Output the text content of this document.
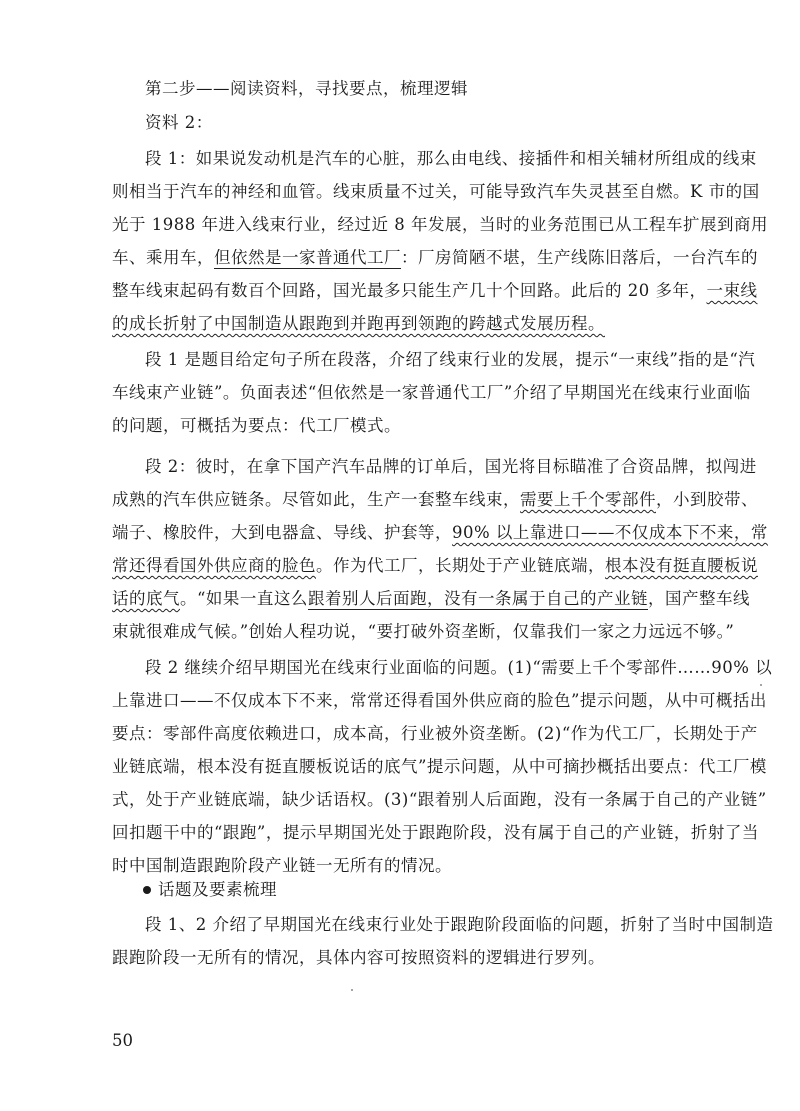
第二步——阅读资料，寻找要点，梳理逻辑
资料 2：
段 1：如果说发动机是汽车的心脏，那么由电线、接插件和相关辅材所组成的线束
则相当于汽车的神经和血管。线束质量不过关，可能导致汽车失灵甚至自燃。K 市的国
光于 1988 年进入线束行业，经过近 8 年发展，当时的业务范围已从工程车扩展到商用
车、乘用车，但依然是一家普通代工厂：厂房简陋不堪，生产线陈旧落后，一台汽车的
整车线束起码有数百个回路，国光最多只能生产几十个回路。此后的 20 多年，一束线
的成长折射了中国制造从跟跑到并跑再到领跑的跨越式发展历程。
段 1 是题目给定句子所在段落，介绍了线束行业的发展，提示“一束线”指的是“汽
车线束产业链”。负面表述“但依然是一家普通代工厂”介绍了早期国光在线束行业面临
的问题，可概括为要点：代工厂模式。
段 2：彼时，在拿下国产汽车品牌的订单后，国光将目标瞄准了合资品牌，拟闯进
成熟的汽车供应链条。尽管如此，生产一套整车线束，需要上千个零部件，小到胶带、
端子、橡胶件，大到电器盒、导线、护套等，90% 以上靠进口——不仅成本下不来，常
常还得看国外供应商的脸色。作为代工厂，长期处于产业链底端，根本没有挺直腰板说
话的底气。“如果一直这么跟着别人后面跑，没有一条属于自己的产业链，国产整车线
束就很难成气候。”创始人程功说，“要打破外资垄断，仅靠我们一家之力远远不够。”
段 2 继续介绍早期国光在线束行业面临的问题。(1)“需要上千个零部件……90% 以
上靠进口——不仅成本下不来，常常还得看国外供应商的脸色”提示问题，从中可概括出
要点：零部件高度依赖进口，成本高，行业被外资垄断。(2)“作为代工厂，长期处于产
业链底端，根本没有挺直腰板说话的底气”提示问题，从中可摘抄概括出要点：代工厂模
式，处于产业链底端，缺少话语权。(3)“跟着别人后面跑，没有一条属于自己的产业链”
回扣题干中的“跟跑”，提示早期国光处于跟跑阶段，没有属于自己的产业链，折射了当
时中国制造跟跑阶段产业链一无所有的情况。
话题及要素梳理
段 1、2 介绍了早期国光在线束行业处于跟跑阶段面临的问题，折射了当时中国制造
跟跑阶段一无所有的情况，具体内容可按照资料的逻辑进行罗列。
50
